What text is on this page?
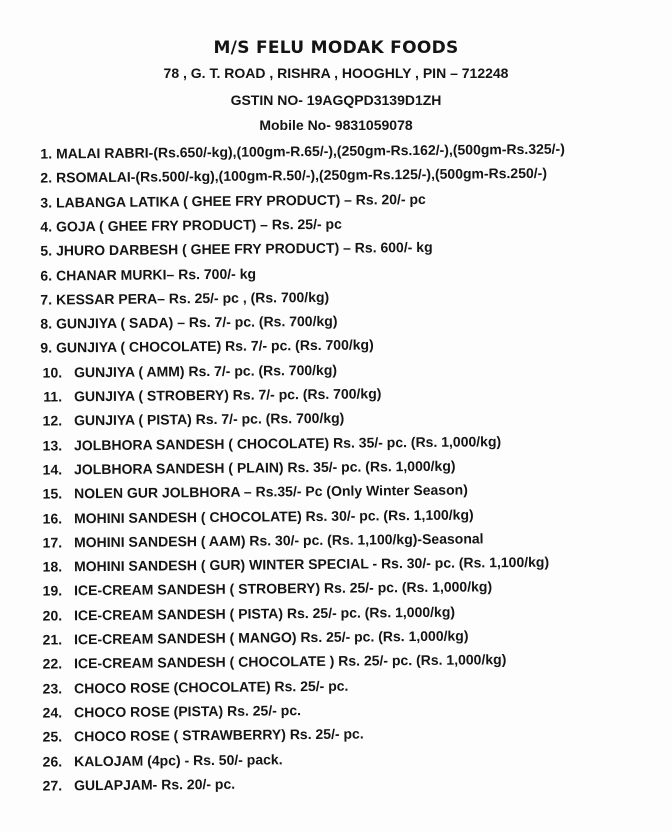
M/S FELU MODAK FOODS
78 , G. T. ROAD , RISHRA , HOOGHLY , PIN – 712248
GSTIN NO- 19AGQPD3139D1ZH
Mobile No- 9831059078
1. MALAI RABRI-(Rs.650/-kg),(100gm-R.65/-),(250gm-Rs.162/-),(500gm-Rs.325/-)
2. RSOMALAI-(Rs.500/-kg),(100gm-R.50/-),(250gm-Rs.125/-),(500gm-Rs.250/-)
3. LABANGA LATIKA ( GHEE FRY PRODUCT) – Rs. 20/- pc
4. GOJA ( GHEE FRY PRODUCT) – Rs. 25/- pc
5. JHURO DARBESH ( GHEE FRY PRODUCT) – Rs. 600/- kg
6. CHANAR MURKI– Rs. 700/- kg
7. KESSAR PERA– Rs. 25/- pc , (Rs. 700/kg)
8. GUNJIYA ( SADA) – Rs. 7/- pc. (Rs. 700/kg)
9. GUNJIYA ( CHOCOLATE) Rs. 7/- pc. (Rs. 700/kg)
10. GUNJIYA ( AMM) Rs. 7/- pc. (Rs. 700/kg)
11. GUNJIYA ( STROBERY) Rs. 7/- pc. (Rs. 700/kg)
12. GUNJIYA ( PISTA) Rs. 7/- pc. (Rs. 700/kg)
13. JOLBHORA SANDESH ( CHOCOLATE) Rs. 35/- pc. (Rs. 1,000/kg)
14. JOLBHORA SANDESH ( PLAIN) Rs. 35/- pc. (Rs. 1,000/kg)
15. NOLEN GUR JOLBHORA – Rs.35/- Pc (Only Winter Season)
16. MOHINI SANDESH ( CHOCOLATE) Rs. 30/- pc. (Rs. 1,100/kg)
17. MOHINI SANDESH ( AAM) Rs. 30/- pc. (Rs. 1,100/kg)-Seasonal
18. MOHINI SANDESH ( GUR) WINTER SPECIAL - Rs. 30/- pc. (Rs. 1,100/kg)
19. ICE-CREAM SANDESH ( STROBERY) Rs. 25/- pc. (Rs. 1,000/kg)
20. ICE-CREAM SANDESH ( PISTA) Rs. 25/- pc. (Rs. 1,000/kg)
21. ICE-CREAM SANDESH ( MANGO) Rs. 25/- pc. (Rs. 1,000/kg)
22. ICE-CREAM SANDESH ( CHOCOLATE ) Rs. 25/- pc. (Rs. 1,000/kg)
23. CHOCO ROSE (CHOCOLATE) Rs. 25/- pc.
24. CHOCO ROSE (PISTA) Rs. 25/- pc.
25. CHOCO ROSE ( STRAWBERRY) Rs. 25/- pc.
26. KALOJAM (4pc) - Rs. 50/- pack.
27. GULAPJAM- Rs. 20/- pc.
